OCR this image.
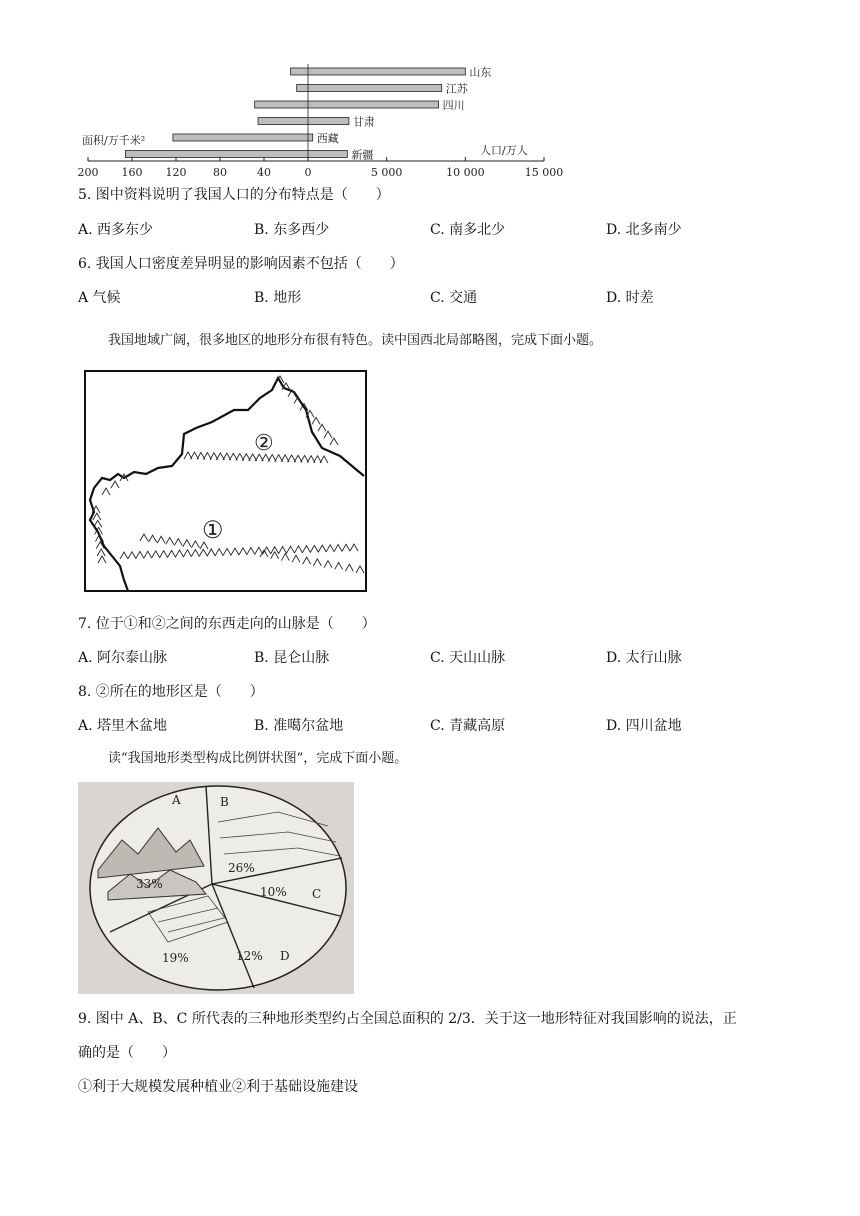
山东
江苏
四川
甘肃
西藏
新疆
200 160 120 80	40	0	5 000	10 000	15 000
面积/万千米²
人口/万人
5. 图中资料说明了我国人口的分布特点是（　　）
A. 西多东少	B. 东多西少	C. 南多北少	D. 北多南少
6. 我国人口密度差异明显的影响因素不包括（　　）
A 气候	B. 地形	C. 交通	D. 时差
我国地域广阔，很多地区的地形分布很有特色。读中国西北局部略图，完成下面小题。
①
②
7. 位于①和②之间的东西走向的山脉是（　　）
A. 阿尔泰山脉	B. 昆仑山脉	C. 天山山脉	D. 太行山脉
8. ②所在的地形区是（　　）
A. 塔里木盆地	B. 准噶尔盆地	C. 青藏高原	D. 四川盆地
读“我国地形类型构成比例饼状图”，完成下面小题。
A	B
C
D
33%
26%
10%
12%
19%
9. 图中 A、B、C 所代表的三种地形类型约占全国总面积的 2/3．关于这一地形特征对我国影响的说法，正
确的是（　　）
①利于大规模发展种植业②利于基础设施建设
